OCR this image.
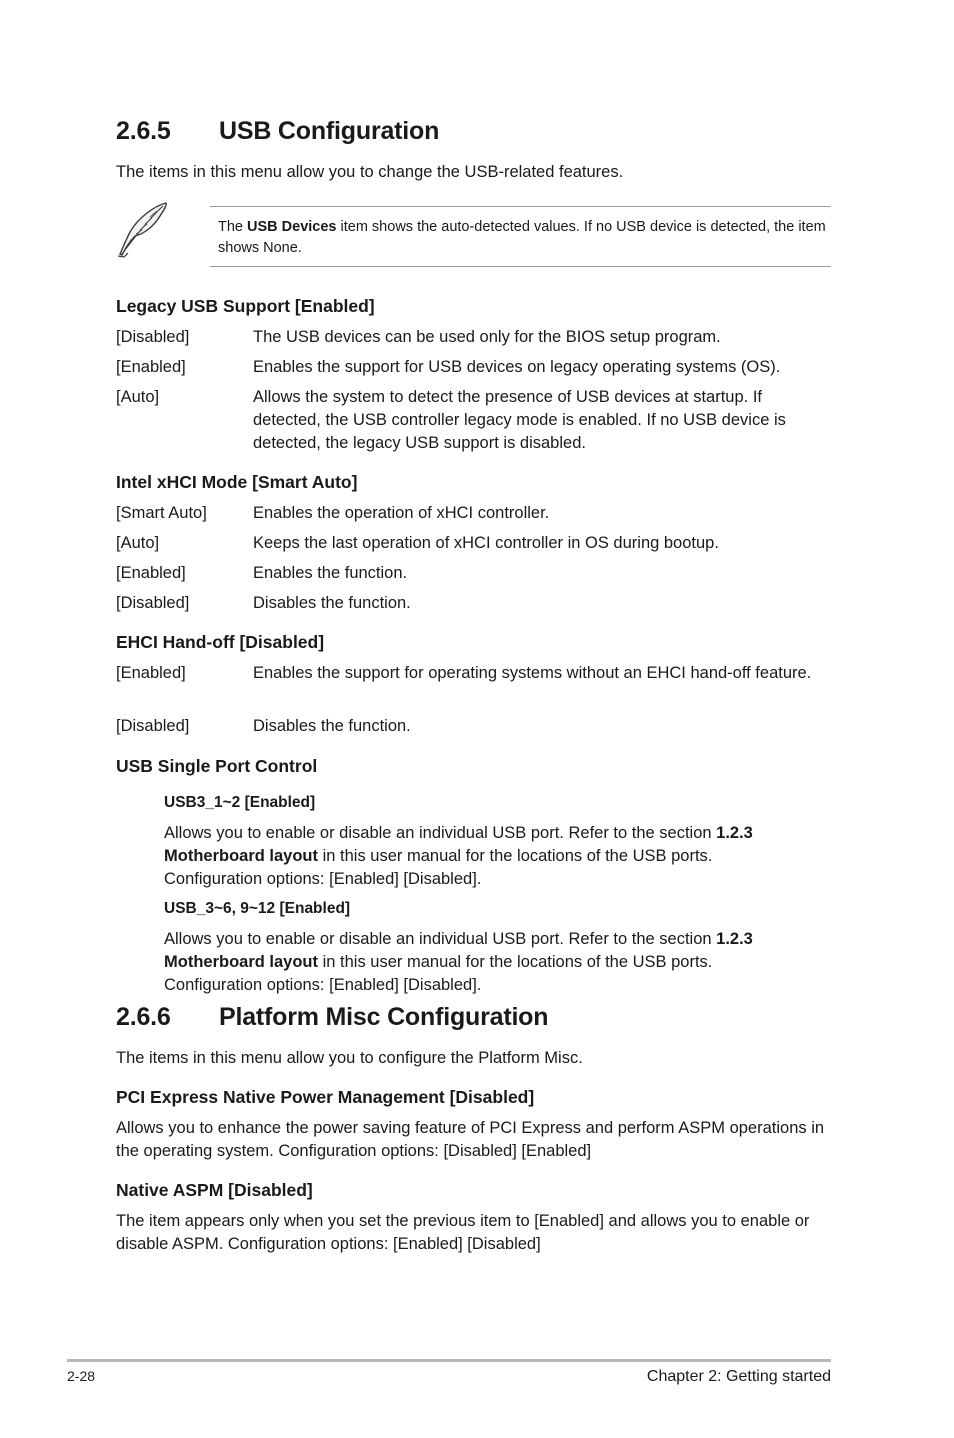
2.6.5 USB Configuration
The items in this menu allow you to change the USB-related features.
The USB Devices item shows the auto-detected values. If no USB device is detected, the item shows None.
Legacy USB Support [Enabled]
[Disabled]	The USB devices can be used only for the BIOS setup program.
[Enabled]	Enables the support for USB devices on legacy operating systems (OS).
[Auto]	Allows the system to detect the presence of USB devices at startup. If detected, the USB controller legacy mode is enabled. If no USB device is detected, the legacy USB support is disabled.
Intel xHCI Mode [Smart Auto]
[Smart Auto]	Enables the operation of xHCI controller.
[Auto]	Keeps the last operation of xHCI controller in OS during bootup.
[Enabled]	Enables the function.
[Disabled]	Disables the function.
EHCI Hand-off [Disabled]
[Enabled]	Enables the support for operating systems without an EHCI hand-off feature.
[Disabled]	Disables the function.
USB Single Port Control
USB3_1~2 [Enabled]
Allows you to enable or disable an individual USB port. Refer to the section 1.2.3 Motherboard layout in this user manual for the locations of the USB ports. Configuration options: [Enabled] [Disabled].
USB_3~6, 9~12 [Enabled]
Allows you to enable or disable an individual USB port. Refer to the section 1.2.3 Motherboard layout in this user manual for the locations of the USB ports. Configuration options: [Enabled] [Disabled].
2.6.6 Platform Misc Configuration
The items in this menu allow you to configure the Platform Misc.
PCI Express Native Power Management [Disabled]
Allows you to enhance the power saving feature of PCI Express and perform ASPM operations in the operating system. Configuration options: [Disabled] [Enabled]
Native ASPM [Disabled]
The item appears only when you set the previous item to [Enabled] and allows you to enable or disable ASPM. Configuration options: [Enabled] [Disabled]
2-28	Chapter 2: Getting started
